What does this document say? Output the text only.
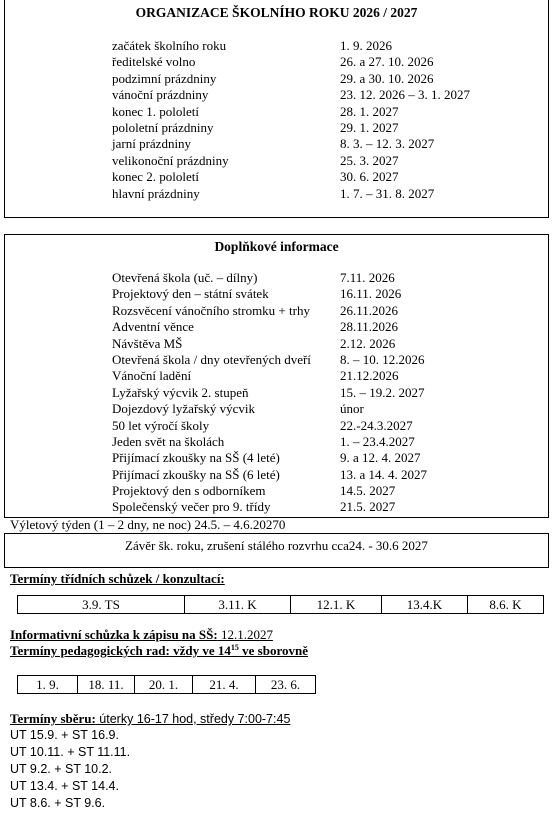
ORGANIZACE ŠKOLNÍHO ROKU 2026 / 2027
začátek školního roku	1. 9. 2026
ředitelské volno	26. a 27. 10. 2026
podzimní prázdniny	29. a 30. 10. 2026
vánoční prázdniny	23. 12. 2026 – 3. 1. 2027
konec 1. pololetí	28. 1. 2027
pololetní prázdniny	29. 1. 2027
jarní prázdniny	8. 3. – 12. 3. 2027
velikonoční prázdniny	25. 3. 2027
konec 2. pololetí	30. 6. 2027
hlavní prázdniny	1. 7. – 31. 8. 2027
Doplňkové informace
Otevřená škola (uč. – dílny)	7.11. 2026
Projektový den – státní svátek	16.11. 2026
Rozsvěcení vánočního stromku + trhy 26.11.2026
Adventní věnce	28.11.2026
Návštěva MŠ	2.12. 2026
Otevřená škola / dny otevřených dveří 8. – 10. 12.2026
Vánoční ladění	21.12.2026
Lyžařský výcvik 2. stupeň	15. – 19.2. 2027
Dojezdový lyžařský výcvik	únor
50 let výročí školy	22.-24.3.2027
Jeden svět na školách	1. – 23.4.2027
Přijímací zkoušky na SŠ (4 leté)	9. a 12. 4. 2027
Přijímací zkoušky na SŠ (6 leté)	13. a 14. 4. 2027
Projektový den s odborníkem	14.5. 2027
Společenský večer pro 9. třídy	21.5. 2027
Výletový týden (1 – 2 dny, ne noc) 24.5. – 4.6.20270
Závěr šk. roku, zrušení stálého rozvrhu cca24. - 30.6 2027
Termíny třídních schůzek / konzultací:
3.9. TS	3.11. K	12.1. K	13.4.K	8.6. K
Informativní schůzka k zápisu na SŠ: 12.1.2027
Termíny pedagogických rad: vždy ve $14^{15}$ ve sborovně
1. 9.	18. 11.	20. 1.	21. 4.	23. 6.
Termíny sběru: úterky 16-17 hod, středy 7:00-7:45
UT 15.9. + ST 16.9.
UT 10.11. + ST 11.11.
UT 9.2. + ST 10.2.
UT 13.4. + ST 14.4.
UT 8.6. + ST 9.6.
